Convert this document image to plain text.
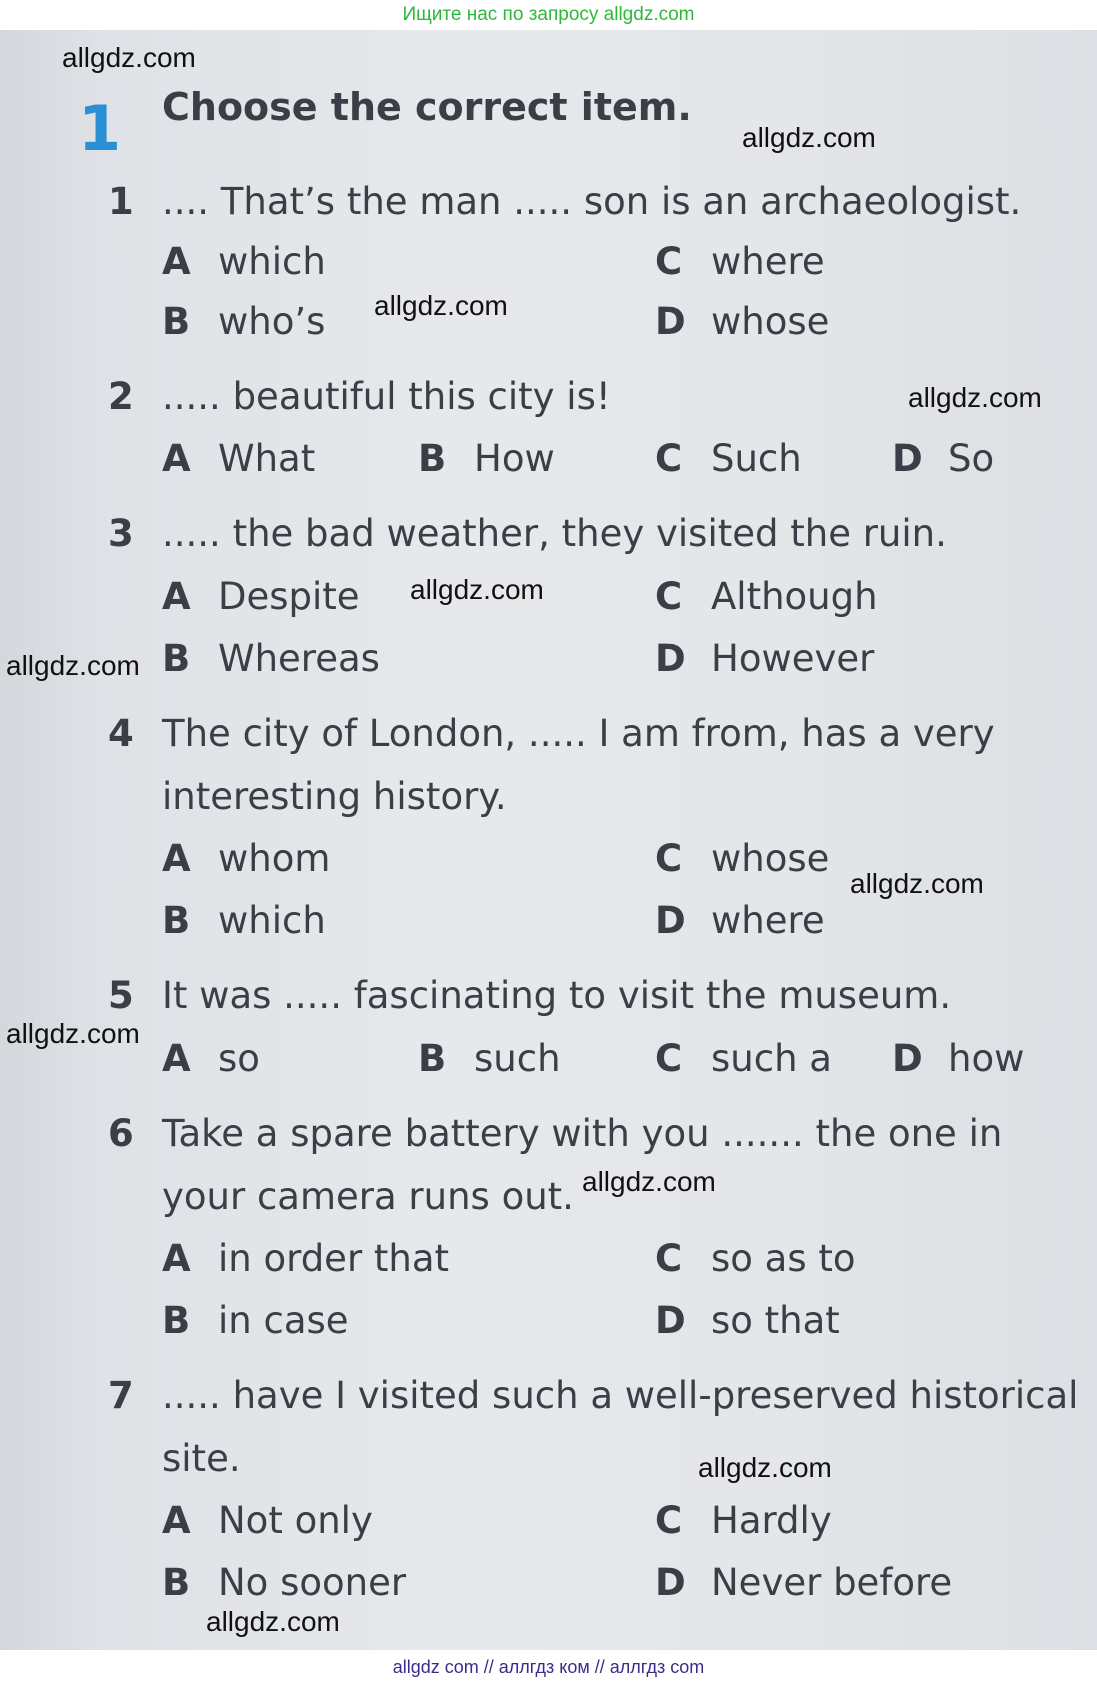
Ищите нас по запросу allgdz.com
1 Choose the correct item.
1 .... That’s the man ..... son is an archaeologist.
A which
B who’s
C where
D whose
2 ..... beautiful this city is!
A What	B How	C Such D So
3 ..... the bad weather, they visited the ruin.
A Despite
B Whereas
C Although
D However
4 The city of London, ..... I am from, has a very
interesting history.
A whom
B which
C whose
D where
5 It was ..... fascinating to visit the museum.
A so	B such	C such a D how
6 Take a spare battery with you ....... the one in
your camera runs out.
A in order that
B in case
C so as to
D so that
7 ..... have I visited such a well-preserved historical
site.
A Not only
B No sooner
C Hardly
D Never before
allgdz.com
allgdz.com
allgdz.com
allgdz.com
allgdz.com
allgdz.com
allgdz.com
allgdz.com
allgdz.com
allgdz.com
allgdz.com
allgdz com // аллгдз ком // аллгдз com
